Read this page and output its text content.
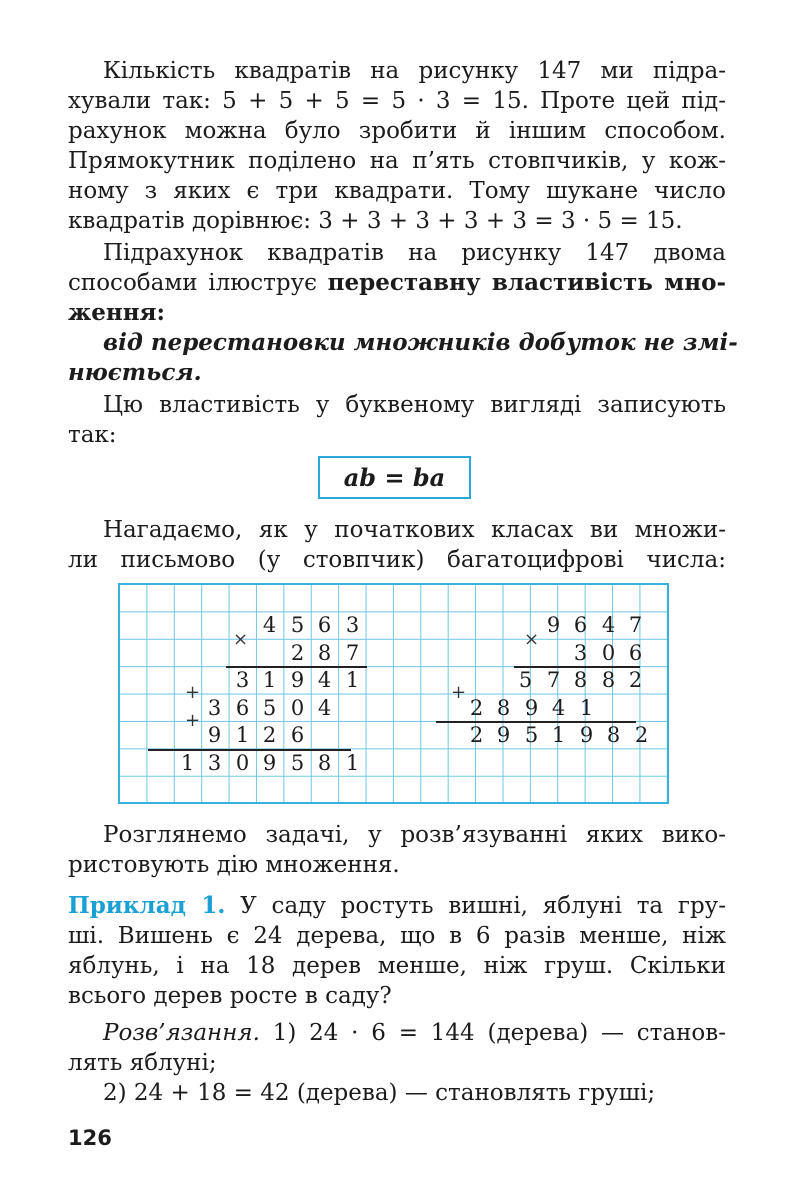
Кількість квадратів на рисунку 147 ми підра-
хували так: 5 + 5 + 5 = 5 · 3 = 15. Проте цей під-
рахунок можна було зробити й іншим способом.
Прямокутник поділено на п’ять стовпчиків, у кож-
ному з яких є три квадрати. Тому шукане число
квадратів дорівнює: 3 + 3 + 3 + 3 + 3 = 3 · 5 = 15.
Підрахунок квадратів на рисунку 147 двома
способами ілюструє переставну властивість мно-
ження:
від перестановки множників добуток не змі-
нюється.
Цю властивість у буквеному вигляді записують
так:
ab = ba
Нагадаємо, як у початкових класах ви множи-
ли письмово (у стовпчик) багатоцифрові числа:
×
4 5 6 3
2 8 7
3 1 9 4 1
+
3 6 5 0 4
+
9 1 2 6
1 3 0 9 5 8 1
×
9 6 4 7
3 0 6
5 7 8 8 2
+
2 8 9 4 1
2 9 5 1 9 8 2
Розглянемо задачі, у розв’язуванні яких вико-
ристовують дію множення.
Приклад 1. У саду ростуть вишні, яблуні та гру-
ші. Вишень є 24 дерева, що в 6 разів менше, ніж
яблунь, і на 18 дерев менше, ніж груш. Скільки
всього дерев росте в саду?
Розв’язання. 1) 24 · 6 = 144 (дерева) — станов-
лять яблуні;
2) 24 + 18 = 42 (дерева) — становлять груші;
126
